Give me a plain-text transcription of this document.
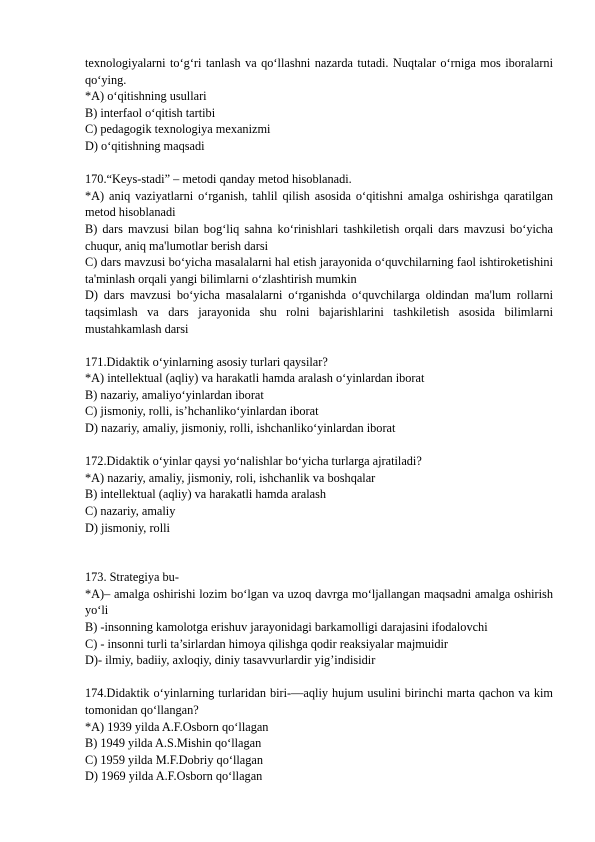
texnologiyalarni to‘g‘ri tanlash va qo‘llashni nazarda tutadi. Nuqtalar o‘rniga mos iboralarni qo‘ying.
*A) o‘qitishning usullari
B) interfaol o‘qitish tartibi
C) pedagogik texnologiya mexanizmi
D) o‘qitishning maqsadi
170.“Keys-stadi” – metodi qanday metod hisoblanadi.
*A) aniq vaziyatlarni o‘rganish, tahlil qilish asosida o‘qitishni amalga oshirishga qaratilgan metod hisoblanadi
B) dars mavzusi bilan bog‘liq sahna ko‘rinishlari tashkiletish orqali dars mavzusi bo‘yicha chuqur, aniq ma'lumotlar berish darsi
C) dars mavzusi bo‘yicha masalalarni hal etish jarayonida o‘quvchilarning faol ishtiroketishini ta'minlash orqali yangi bilimlarni o‘zlashtirish mumkin
D) dars mavzusi bo‘yicha masalalarni o‘rganishda o‘quvchilarga oldindan ma'lum rollarni taqsimlash va dars jarayonida shu rolni bajarishlarini tashkiletish asosida bilimlarni mustahkamlash darsi
171.Didaktik o‘yinlarning asosiy turlari qaysilar?
*A) intellektual (aqliy) va harakatli hamda aralash o‘yinlardan iborat
B) nazariy, amaliyo‘yinlardan iborat
C) jismoniy, rolli, is’hchanliko‘yinlardan iborat
D) nazariy, amaliy, jismoniy, rolli, ishchanliko‘yinlardan iborat
172.Didaktik o‘yinlar qaysi yo‘nalishlar bo‘yicha turlarga ajratiladi?
*A) nazariy, amaliy, jismoniy, roli, ishchanlik va boshqalar
B) intellektual (aqliy) va harakatli hamda aralash
C) nazariy, amaliy
D) jismoniy, rolli
173. Strategiya bu-
*A)– amalga oshirishi lozim bo‘lgan va uzoq davrga mo‘ljallangan maqsadni amalga oshirish yo‘li
B) -insonning kamolotga erishuv jarayonidagi barkamolligi darajasini ifodalovchi
C) - insonni turli ta’sirlardan himoya qilishga qodir reaksiyalar majmuidir
D)- ilmiy, badiiy, axloqiy, diniy tasavvurlardir yig’indisidir
174.Didaktik o‘yinlarning turlaridan biri-—aqliy hujum usulini birinchi marta qachon va kim tomonidan qo‘llangan?
*A) 1939 yilda A.F.Osborn qo‘llagan
B) 1949 yilda A.S.Mishin qo‘llagan
C) 1959 yilda M.F.Dobriy qo‘llagan
D) 1969 yilda A.F.Osborn qo‘llagan
